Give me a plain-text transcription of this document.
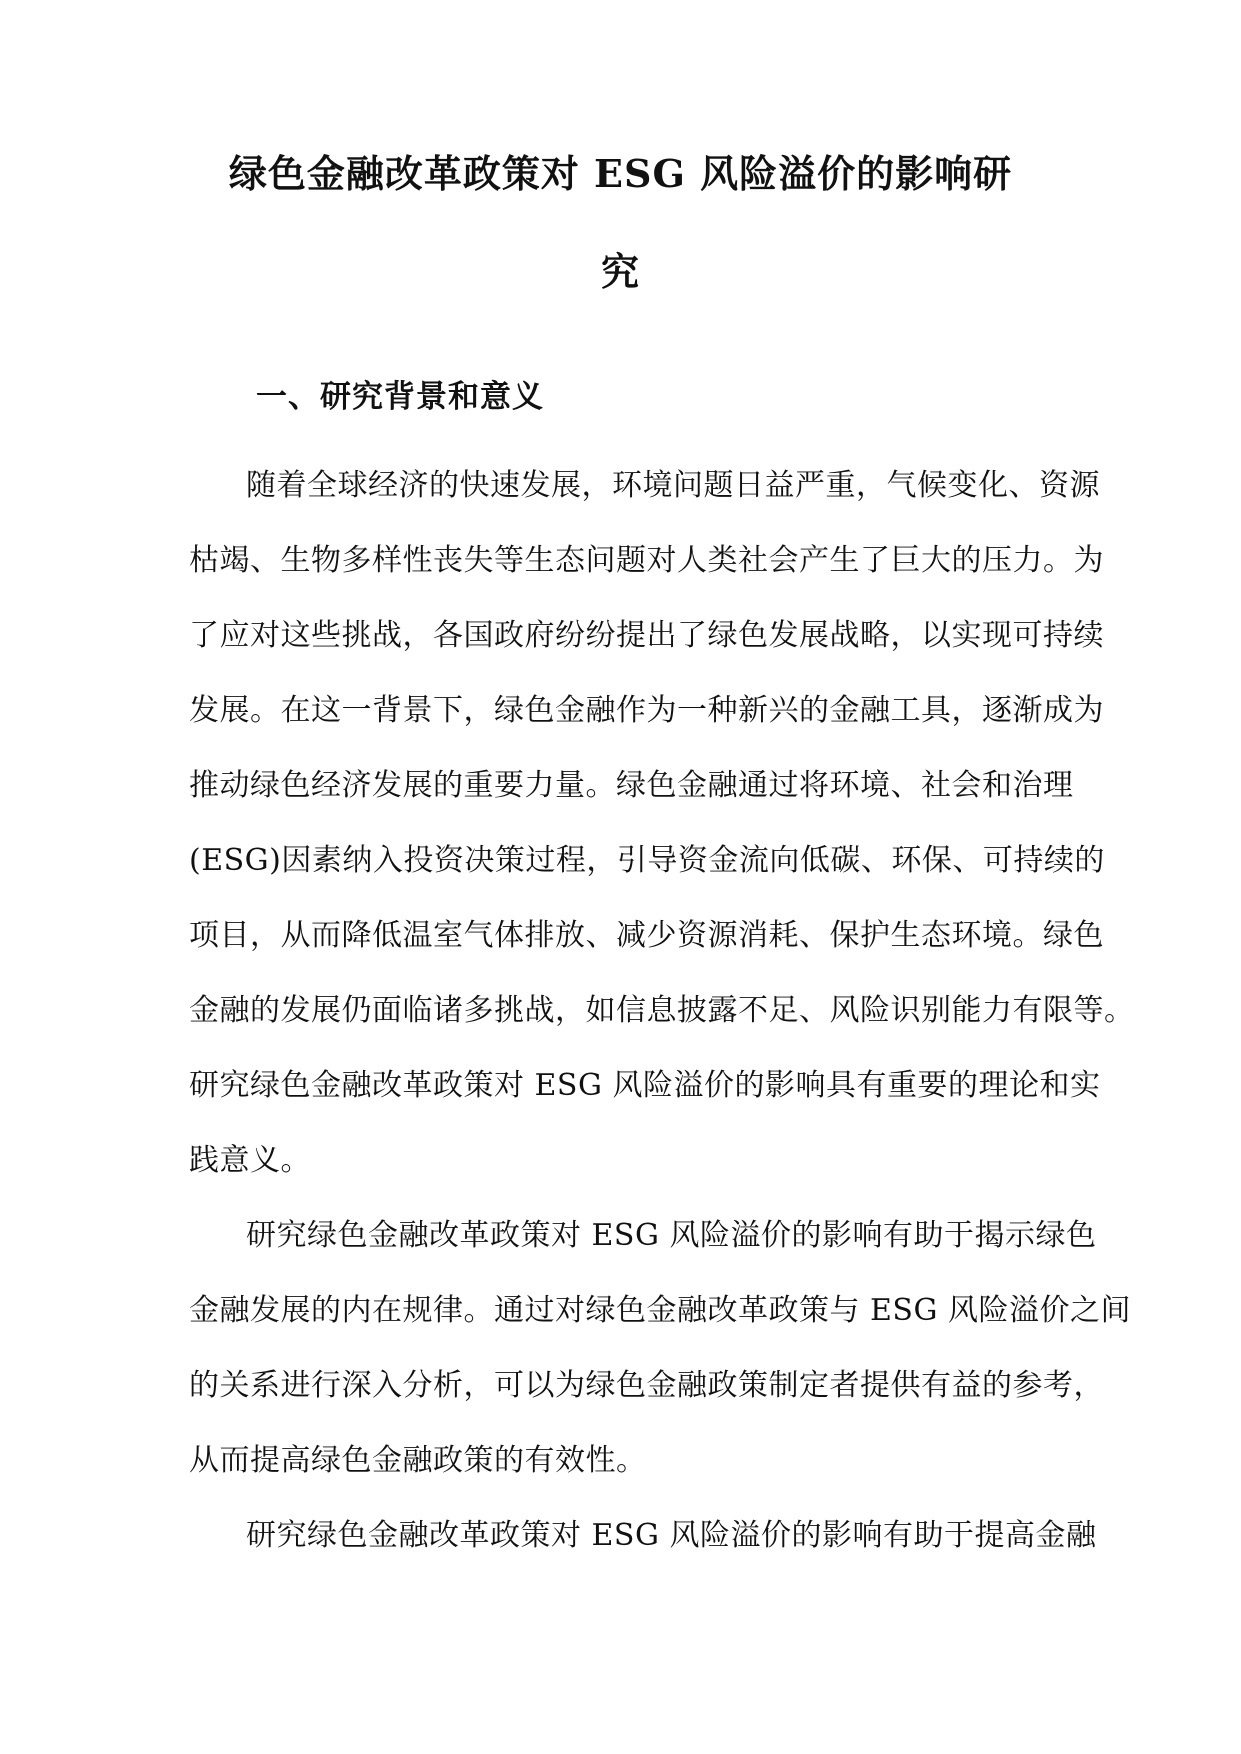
绿色金融改革政策对 ESG 风险溢价的影响研
究
一、研究背景和意义
随着全球经济的快速发展，环境问题日益严重，气候变化、资源
枯竭、生物多样性丧失等生态问题对人类社会产生了巨大的压力。为
了应对这些挑战，各国政府纷纷提出了绿色发展战略，以实现可持续
发展。在这一背景下，绿色金融作为一种新兴的金融工具，逐渐成为
推动绿色经济发展的重要力量。绿色金融通过将环境、社会和治理
(ESG)因素纳入投资决策过程，引导资金流向低碳、环保、可持续的
项目，从而降低温室气体排放、减少资源消耗、保护生态环境。绿色
金融的发展仍面临诸多挑战，如信息披露不足、风险识别能力有限等。
研究绿色金融改革政策对 ESG 风险溢价的影响具有重要的理论和实
践意义。
研究绿色金融改革政策对 ESG 风险溢价的影响有助于揭示绿色
金融发展的内在规律。通过对绿色金融改革政策与 ESG 风险溢价之间
的关系进行深入分析，可以为绿色金融政策制定者提供有益的参考，
从而提高绿色金融政策的有效性。
研究绿色金融改革政策对 ESG 风险溢价的影响有助于提高金融
